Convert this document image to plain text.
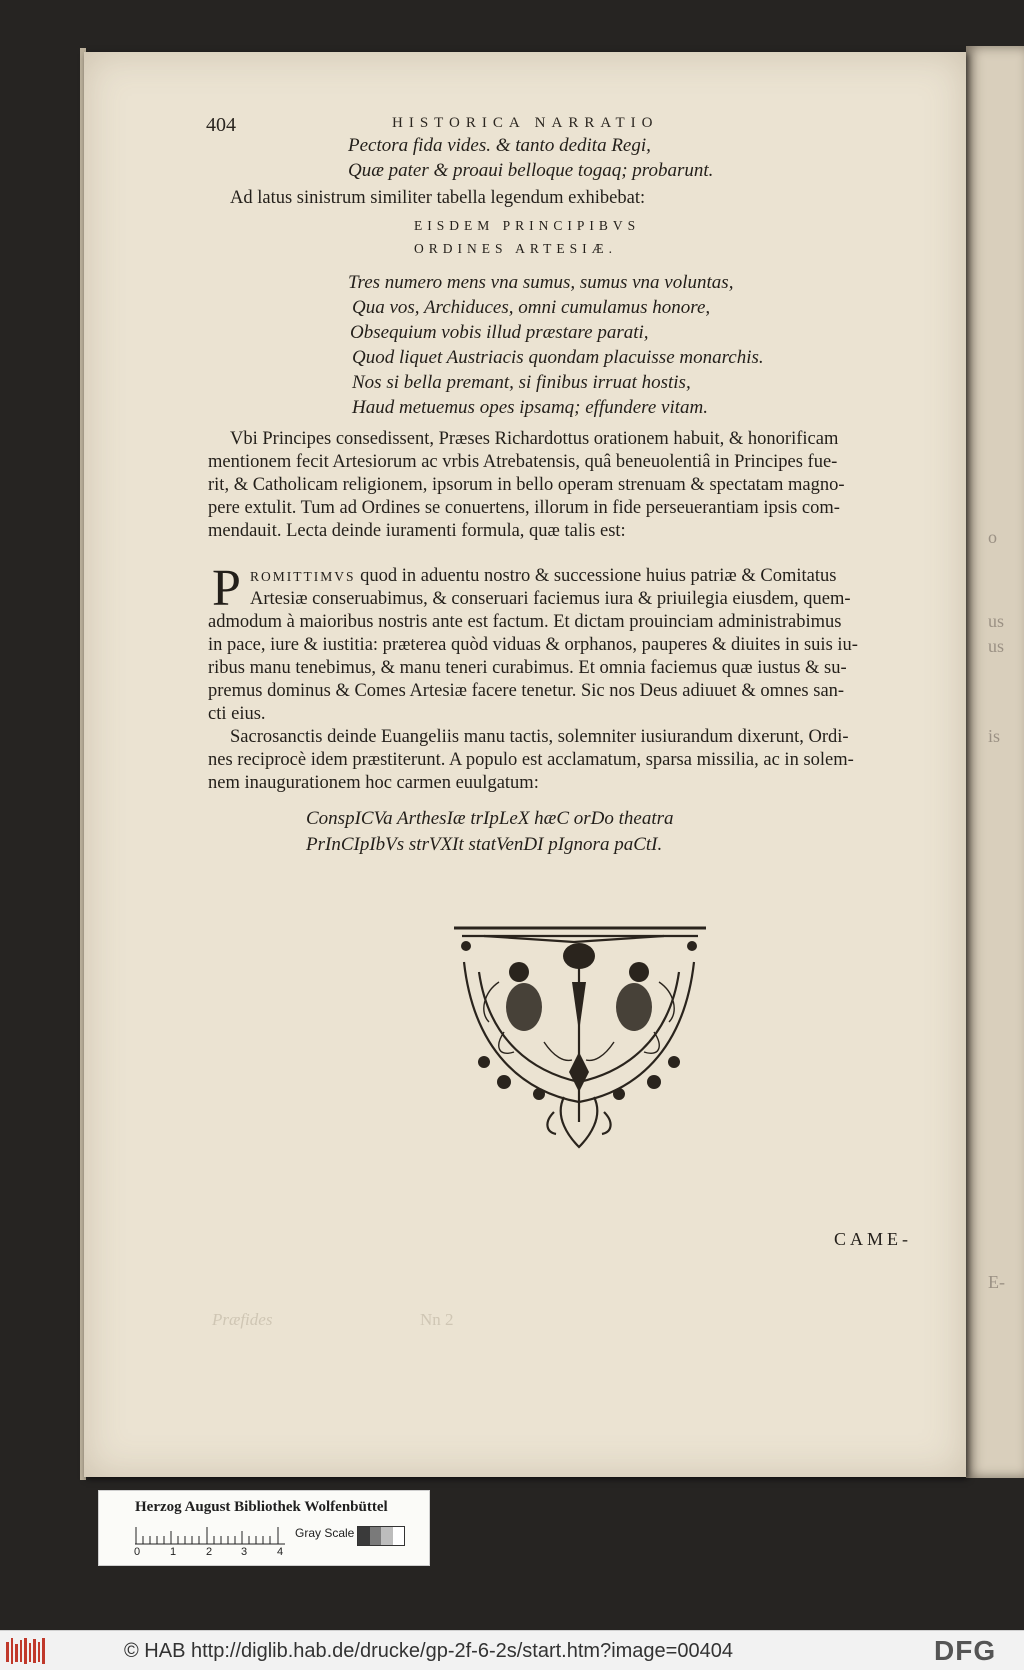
us
o
us
is
E-
404	HISTORICA NARRATIO
Pectora fida vides. & tanto dedita Regi,
Quæ pater & proaui belloque togaq; probarunt.
Ad latus sinistrum similiter tabella legendum exhibebat:
EISDEM PRINCIPIBVS
ORDINES ARTESIÆ.
Tres numero mens vna sumus, sumus vna voluntas,
Qua vos, Archiduces, omni cumulamus honore,
Obsequium vobis illud præstare parati,
Quod liquet Austriacis quondam placuisse monarchis.
Nos si bella premant, si finibus irruat hostis,
Haud metuemus opes ipsamq; effundere vitam.
Vbi Principes consedissent, Præses Richardottus orationem habuit, & honorificam
mentionem fecit Artesiorum ac vrbis Atrebatensis, quâ beneuolentiâ in Principes fue-
rit, & Catholicam religionem, ipsorum in bello operam strenuam & spectatam magno-
pere extulit. Tum ad Ordines se conuertens, illorum in fide perseuerantiam ipsis com-
mendauit. Lecta deinde iuramenti formula, quæ talis est:
P ROMITTIMVS quod in aduentu nostro & successione huius patriæ & Comitatus
Artesiæ conseruabimus, & conseruari faciemus iura & priuilegia eiusdem, quem-
admodum à maioribus nostris ante est factum. Et dictam prouinciam administrabimus
in pace, iure & iustitia: præterea quòd viduas & orphanos, pauperes & diuites in suis iu-
ribus manu tenebimus, & manu teneri curabimus. Et omnia faciemus quæ iustus & su-
premus dominus & Comes Artesiæ facere tenetur. Sic nos Deus adiuuet & omnes san-
cti eius.
Sacrosanctis deinde Euangeliis manu tactis, solemniter iusiurandum dixerunt, Ordi-
nes reciprocè idem præstiterunt. A populo est acclamatum, sparsa missilia, ac in solem-
nem inaugurationem hoc carmen euulgatum:
ConspICVa ArthesIæ trIpLeX hæC orDo theatra
PrInCIpIbVs strVXIt statVenDI pIgnora paCtI.
CAME-
Præfides	Nn 2
Herzog August Bibliothek Wolfenbüttel
Gray Scale
0	1	2	3	4
© HAB http://diglib.hab.de/drucke/gp-2f-6-2s/start.htm?image=00404	DFG
